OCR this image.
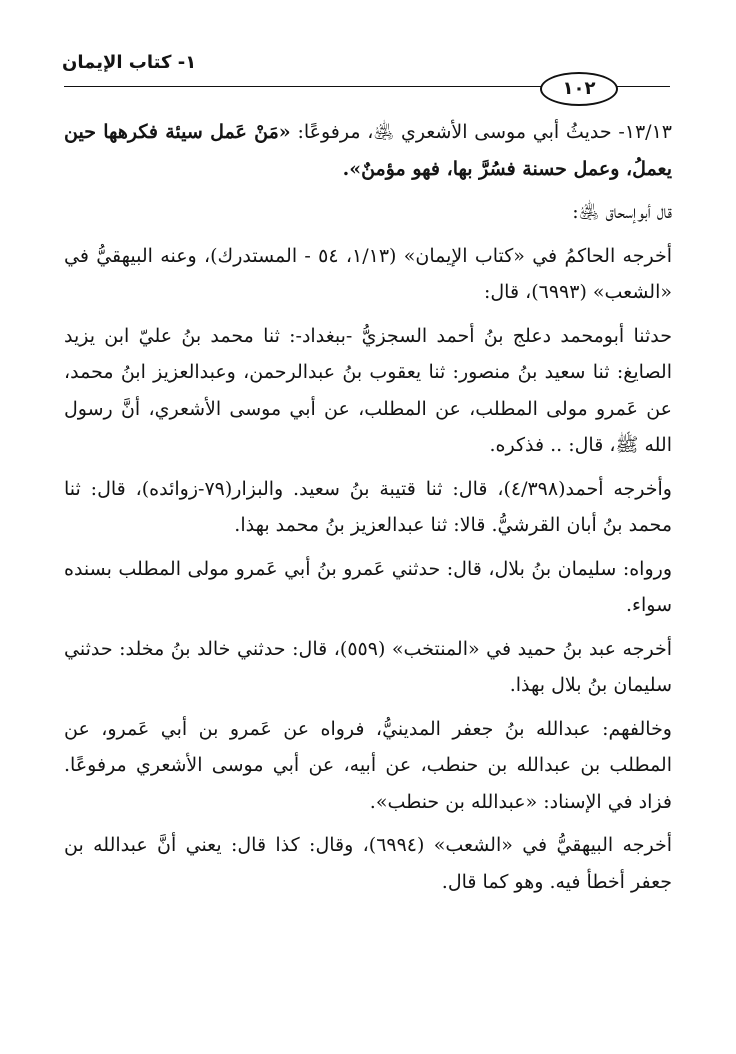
١- كتاب الإيمان
١٠٢

١٣/١٣- حديثُ أبي موسى الأشعري ﵁، مرفوعًا: «مَنْ عَمل سيئة فكرهها حين يعملُ، وعمل حسنة فسُرَّ بها، فهو مؤمنٌ».

قال أبوإسحاق ﵁:

أخرجه الحاكمُ في «كتاب الإيمان» (١/١٣، ٥٤ - المستدرك)، وعنه البيهقيُّ في «الشعب» (٦٩٩٣)، قال:

حدثنا أبومحمد دعلج بنُ أحمد السجزيُّ -ببغداد-: ثنا محمد بنُ عليّ ابن يزيد الصايغ: ثنا سعيد بنُ منصور: ثنا يعقوب بنُ عبدالرحمن، وعبدالعزيز ابنُ محمد، عن عَمرو مولى المطلب، عن المطلب، عن أبي موسى الأشعري، أنَّ رسول الله ﷺ، قال: .. فذكره.

وأخرجه أحمد(٤/٣٩٨)، قال: ثنا قتيبة بنُ سعيد. والبزار(٧٩-زوائده)، قال: ثنا محمد بنُ أبان القرشيُّ. قالا: ثنا عبدالعزيز بنُ محمد بهذا.

ورواه: سليمان بنُ بلال، قال: حدثني عَمرو بنُ أبي عَمرو مولى المطلب بسنده سواء.

أخرجه عبد بنُ حميد في «المنتخب» (٥٥٩)، قال: حدثني خالد بنُ مخلد: حدثني سليمان بنُ بلال بهذا.

وخالفهم: عبدالله بنُ جعفر المدينيُّ، فرواه عن عَمرو بن أبي عَمرو، عن المطلب بن عبدالله بن حنطب، عن أبيه، عن أبي موسى الأشعري مرفوعًا. فزاد في الإسناد: «عبدالله بن حنطب».

أخرجه البيهقيُّ في «الشعب» (٦٩٩٤)، وقال: كذا قال: يعني أنَّ عبدالله بن جعفر أخطأ فيه. وهو كما قال.
